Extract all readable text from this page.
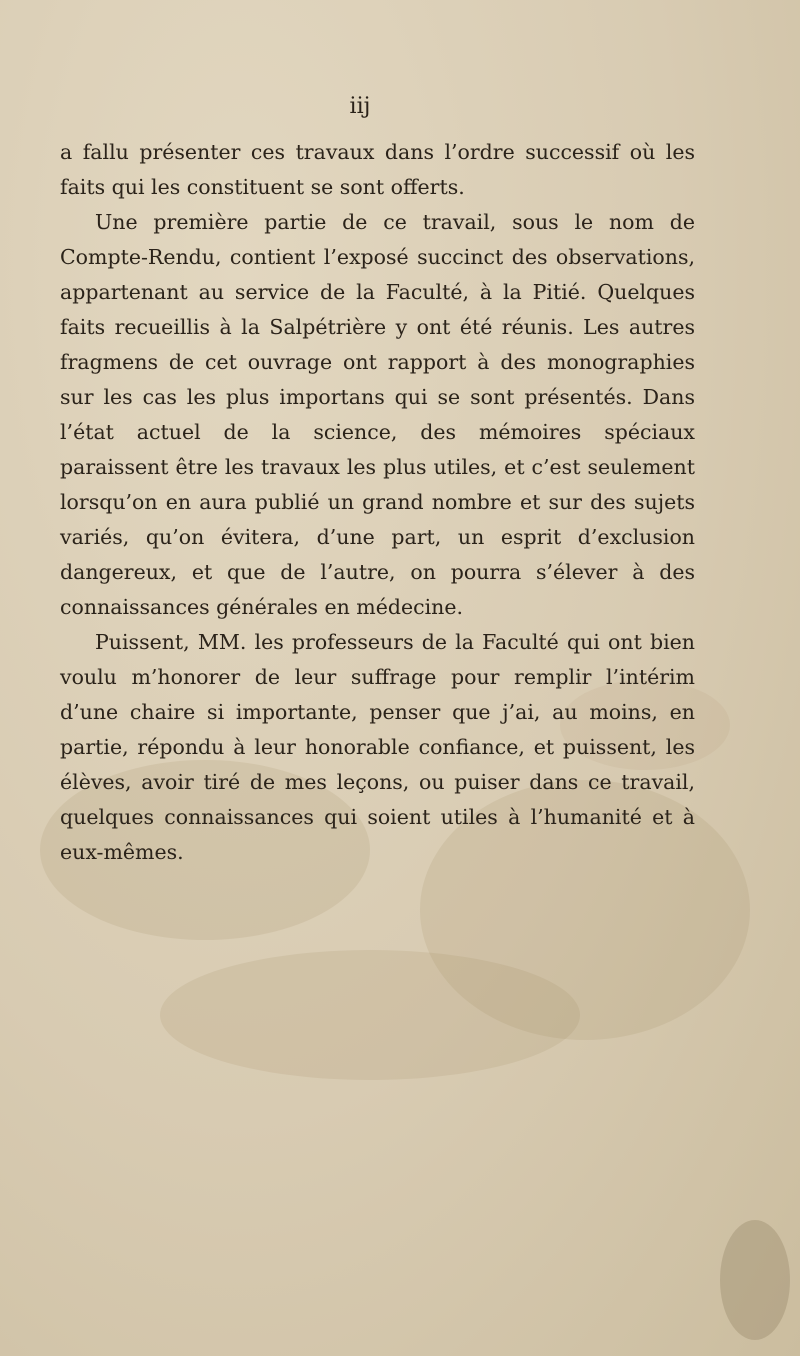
iij

a fallu présenter ces travaux dans l’ordre successif où les faits qui les constituent se sont offerts.

Une première partie de ce travail, sous le nom de Compte-Rendu, contient l’exposé succinct des observations, appartenant au service de la Faculté, à la Pitié. Quelques faits recueillis à la Salpétrière y ont été réunis. Les autres fragmens de cet ouvrage ont rapport à des monographies sur les cas les plus importans qui se sont présentés. Dans l’état actuel de la science, des mémoires spéciaux paraissent être les travaux les plus utiles, et c’est seulement lorsqu’on en aura publié un grand nombre et sur des sujets variés, qu’on évitera, d’une part, un esprit d’exclusion dangereux, et que de l’autre, on pourra s’élever à des connaissances générales en médecine.

Puissent, MM. les professeurs de la Faculté qui ont bien voulu m’honorer de leur suffrage pour remplir l’intérim d’une chaire si importante, penser que j’ai, au moins, en partie, répondu à leur honorable confiance, et puissent, les élèves, avoir tiré de mes leçons, ou puiser dans ce travail, quelques connaissances qui soient utiles à l’humanité et à eux-mêmes.
